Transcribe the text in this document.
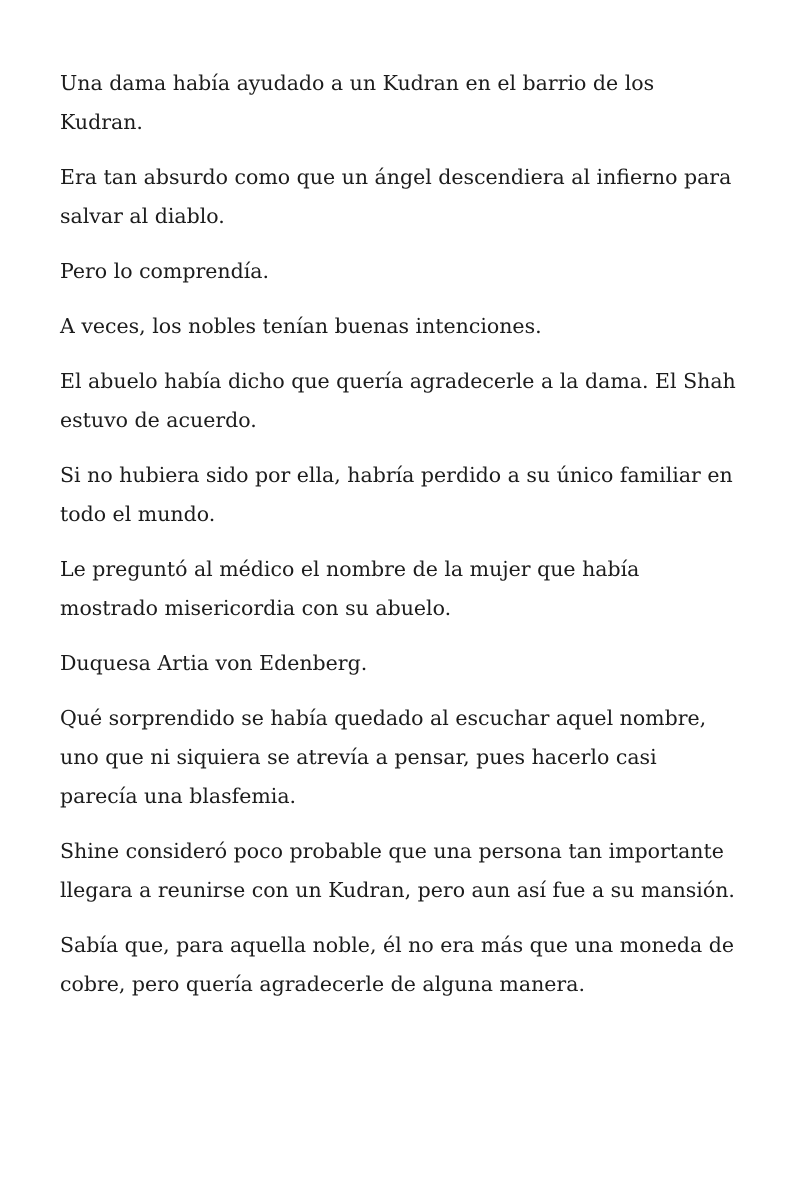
Una dama había ayudado a un Kudran en el barrio de los Kudran.

Era tan absurdo como que un ángel descendiera al infierno para salvar al diablo.

Pero lo comprendía.

A veces, los nobles tenían buenas intenciones.

El abuelo había dicho que quería agradecerle a la dama. El Shah estuvo de acuerdo.

Si no hubiera sido por ella, habría perdido a su único familiar en todo el mundo.

Le preguntó al médico el nombre de la mujer que había mostrado misericordia con su abuelo.

Duquesa Artia von Edenberg.

Qué sorprendido se había quedado al escuchar aquel nombre, uno que ni siquiera se atrevía a pensar, pues hacerlo casi parecía una blasfemia.

Shine consideró poco probable que una persona tan importante llegara a reunirse con un Kudran, pero aun así fue a su mansión.

Sabía que, para aquella noble, él no era más que una moneda de cobre, pero quería agradecerle de alguna manera.
